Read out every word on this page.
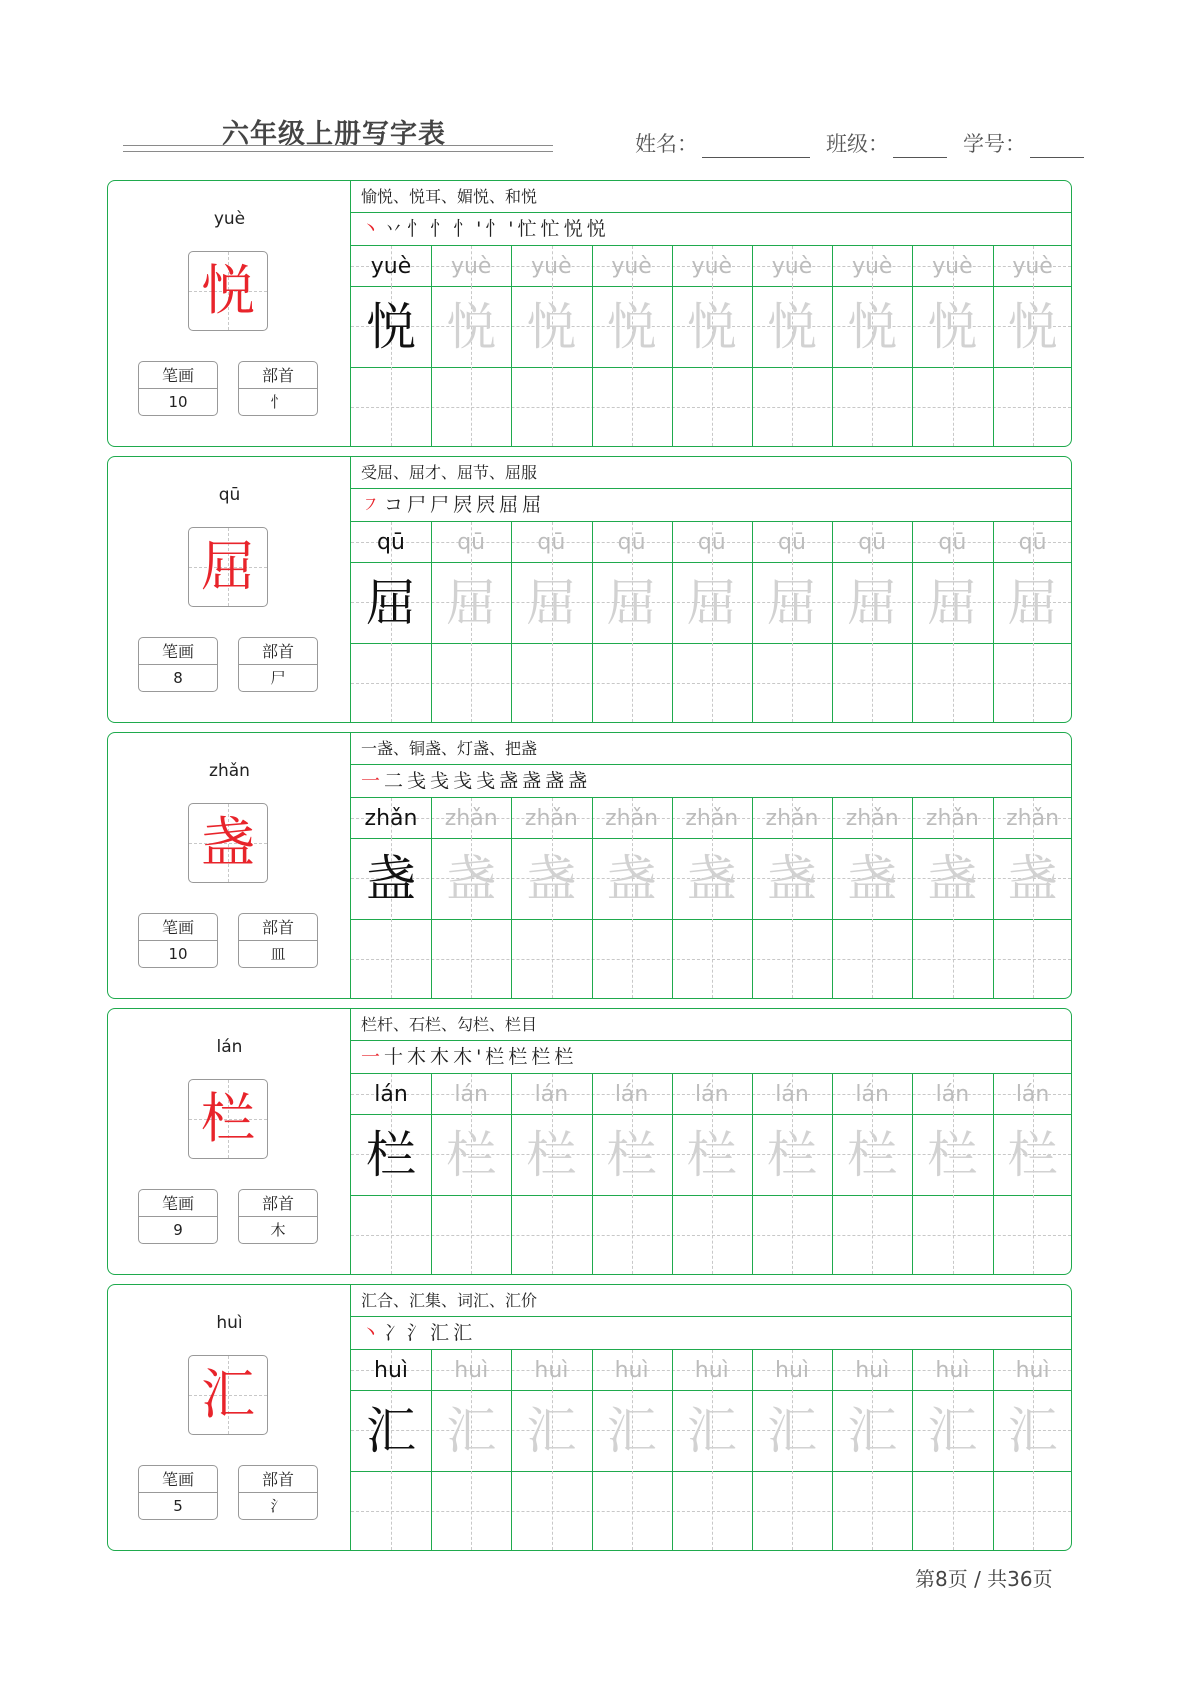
六年级上册写字表	姓名：	班级：	学号：
yuè
悦
笔画
10
部首
忄
愉悦、悦耳、媚悦、和悦
丶丷忄忄忄'忄'忙忙悦悦
yuè
悦
yuè
悦
yuè
悦
yuè
悦
yuè
悦
yuè
悦
yuè
悦
yuè
悦
yuè
悦
qū
屈
笔画
8
部首
尸
受屈、屈才、屈节、屈服
㇇コ尸尸屄屄屈屈
qū
屈
qū
屈
qū
屈
qū
屈
qū
屈
qū
屈
qū
屈
qū
屈
qū
屈
zhǎn
盏
笔画
10
部首
皿
一盏、铜盏、灯盏、把盏
一二戋戋戋戋盏盏盏盏
zhǎn
盏
zhǎn
盏
zhǎn
盏
zhǎn
盏
zhǎn
盏
zhǎn
盏
zhǎn
盏
zhǎn
盏
zhǎn
盏
lán
栏
笔画
9
部首
木
栏杆、石栏、勾栏、栏目
一十木木木'栏栏栏栏
lán
栏
lán
栏
lán
栏
lán
栏
lán
栏
lán
栏
lán
栏
lán
栏
lán
栏
huì
汇
笔画
5
部首
氵
汇合、汇集、词汇、汇价
丶冫氵汇汇
huì
汇
huì
汇
huì
汇
huì
汇
huì
汇
huì
汇
huì
汇
huì
汇
huì
汇
第8页 / 共36页
